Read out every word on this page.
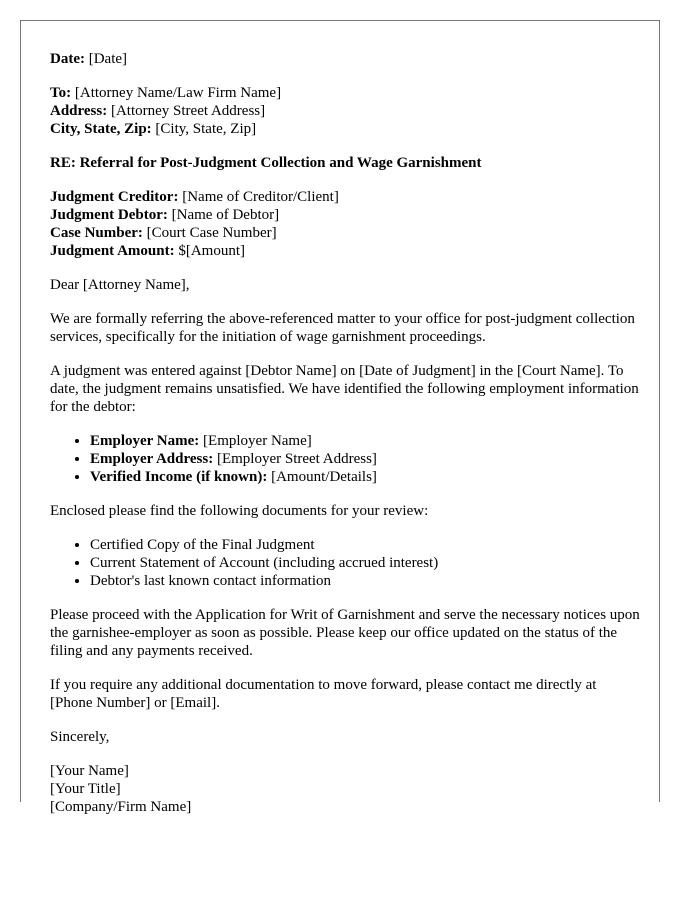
Date: [Date]

To: [Attorney Name/Law Firm Name]
Address: [Attorney Street Address]
City, State, Zip: [City, State, Zip]

RE: Referral for Post-Judgment Collection and Wage Garnishment

Judgment Creditor: [Name of Creditor/Client]
Judgment Debtor: [Name of Debtor]
Case Number: [Court Case Number]
Judgment Amount: $[Amount]

Dear [Attorney Name],

We are formally referring the above-referenced matter to your office for post-judgment collection services, specifically for the initiation of wage garnishment proceedings.

A judgment was entered against [Debtor Name] on [Date of Judgment] in the [Court Name]. To date, the judgment remains unsatisfied. We have identified the following employment information for the debtor:

• Employer Name: [Employer Name]
• Employer Address: [Employer Street Address]
• Verified Income (if known): [Amount/Details]

Enclosed please find the following documents for your review:

• Certified Copy of the Final Judgment
• Current Statement of Account (including accrued interest)
• Debtor's last known contact information

Please proceed with the Application for Writ of Garnishment and serve the necessary notices upon the garnishee-employer as soon as possible. Please keep our office updated on the status of the filing and any payments received.

If you require any additional documentation to move forward, please contact me directly at [Phone Number] or [Email].

Sincerely,

[Your Name]
[Your Title]
[Company/Firm Name]
